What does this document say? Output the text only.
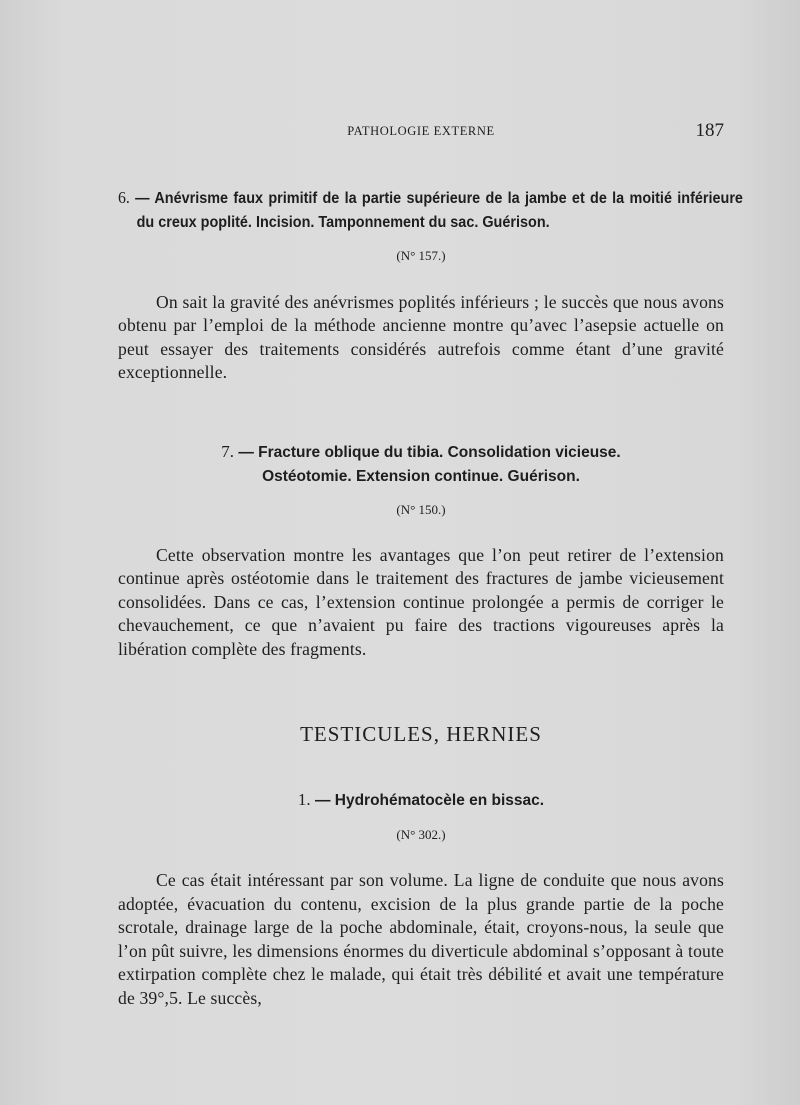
PATHOLOGIE EXTERNE	187
6. — Anévrisme faux primitif de la partie supérieure de la jambe et de la moitié inférieure du creux poplité. Incision. Tamponnement du sac. Guérison.
(N° 157.)

On sait la gravité des anévrismes poplités inférieurs ; le succès que nous avons obtenu par l’emploi de la méthode ancienne montre qu’avec l’asepsie actuelle on peut essayer des traitements considérés autrefois comme étant d’une gravité exceptionnelle.

7. — Fracture oblique du tibia. Consolidation vicieuse. Ostéotomie. Extension continue. Guérison.
(N° 150.)

Cette observation montre les avantages que l’on peut retirer de l’extension continue après ostéotomie dans le traitement des fractures de jambe vicieusement consolidées. Dans ce cas, l’extension continue prolongée a permis de corriger le chevauchement, ce que n’avaient pu faire des tractions vigoureuses après la libération complète des fragments.

TESTICULES, HERNIES
1. — Hydrohématocèle en bissac.
(N° 302.)

Ce cas était intéressant par son volume. La ligne de conduite que nous avons adoptée, évacuation du contenu, excision de la plus grande partie de la poche scrotale, drainage large de la poche abdominale, était, croyons-nous, la seule que l’on pût suivre, les dimensions énormes du diverticule abdominal s’opposant à toute extirpation complète chez le malade, qui était très débilité et avait une température de 39°,5. Le succès,
